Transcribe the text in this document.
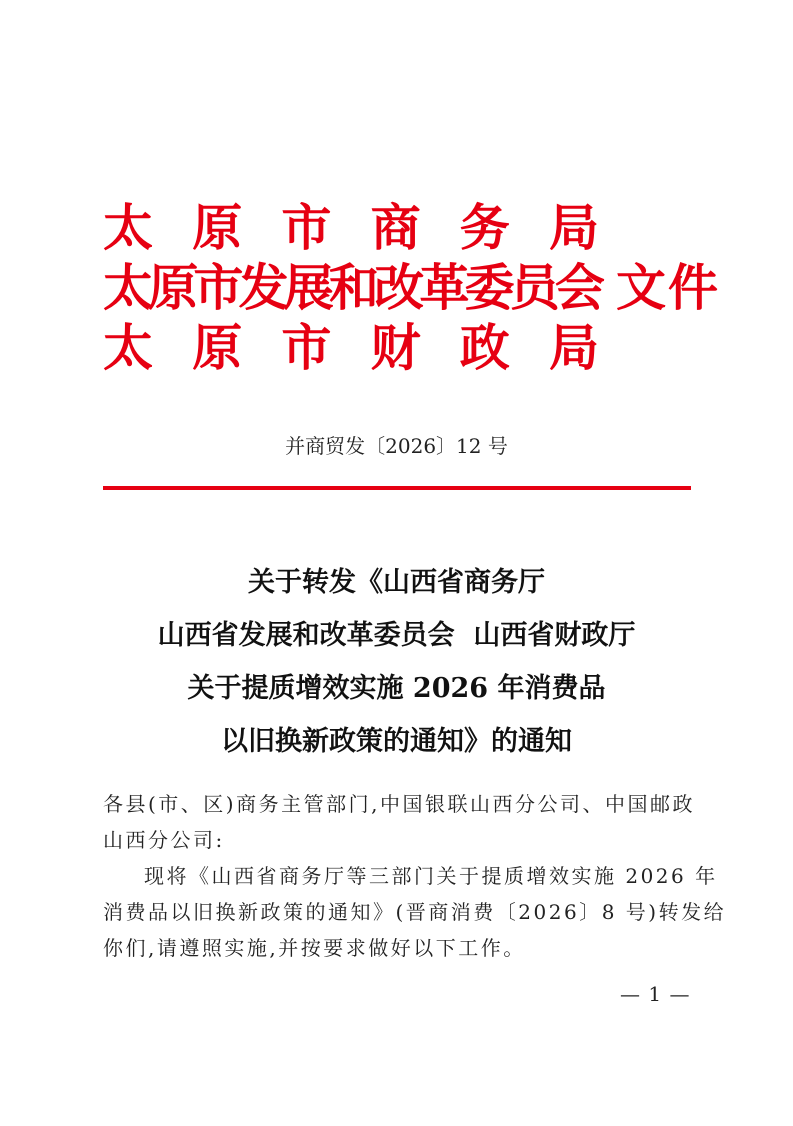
太 原 市 商 务 局
太
原
市
发
展
和
改
革
委
员
会
太 原 市 财 政 局
文件
并商贸发〔2026〕12 号
关于转发《山西省商务厅
山西省发展和改革委员会  山西省财政厅
关于提质增效实施 2026 年消费品
以旧换新政策的通知》的通知
各县(市、区)商务主管部门,中国银联山西分公司、中国邮政
山西分公司:
现将《山西省商务厅等三部门关于提质增效实施 2026 年
消费品以旧换新政策的通知》(晋商消费〔2026〕8 号)转发给
你们,请遵照实施,并按要求做好以下工作。
— 1 —
